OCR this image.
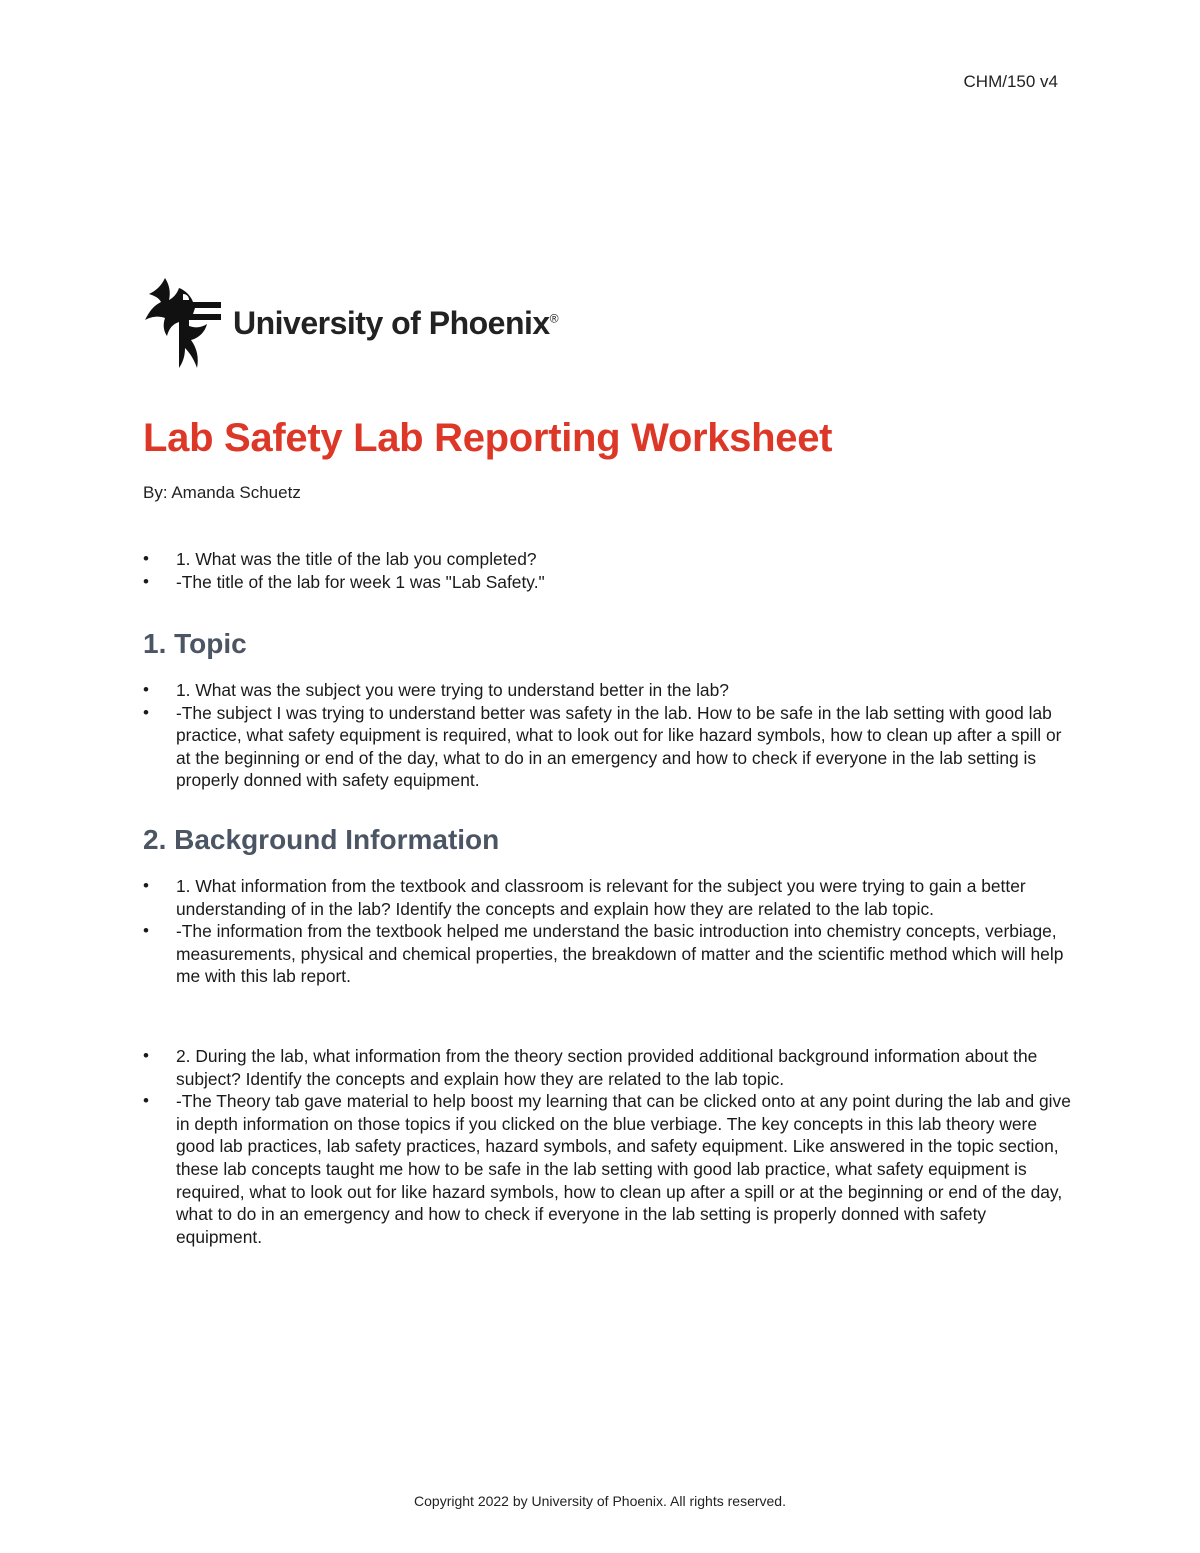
CHM/150 v4
University of Phoenix®
Lab Safety Lab Reporting Worksheet
By: Amanda Schuetz
• 1. What was the title of the lab you completed?
• -The title of the lab for week 1 was "Lab Safety."
1. Topic
• 1. What was the subject you were trying to understand better in the lab?
• -The subject I was trying to understand better was safety in the lab. How to be safe in the lab setting with good lab practice, what safety equipment is required, what to look out for like hazard symbols, how to clean up after a spill or at the beginning or end of the day, what to do in an emergency and how to check if everyone in the lab setting is properly donned with safety equipment.
2. Background Information
• 1. What information from the textbook and classroom is relevant for the subject you were trying to gain a better understanding of in the lab? Identify the concepts and explain how they are related to the lab topic.
• -The information from the textbook helped me understand the basic introduction into chemistry concepts, verbiage, measurements, physical and chemical properties, the breakdown of matter and the scientific method which will help me with this lab report.
• 2. During the lab, what information from the theory section provided additional background information about the subject? Identify the concepts and explain how they are related to the lab topic.
• -The Theory tab gave material to help boost my learning that can be clicked onto at any point during the lab and give in depth information on those topics if you clicked on the blue verbiage. The key concepts in this lab theory were good lab practices, lab safety practices, hazard symbols, and safety equipment. Like answered in the topic section, these lab concepts taught me how to be safe in the lab setting with good lab practice, what safety equipment is required, what to look out for like hazard symbols, how to clean up after a spill or at the beginning or end of the day, what to do in an emergency and how to check if everyone in the lab setting is properly donned with safety equipment.
Copyright 2022 by University of Phoenix. All rights reserved.
